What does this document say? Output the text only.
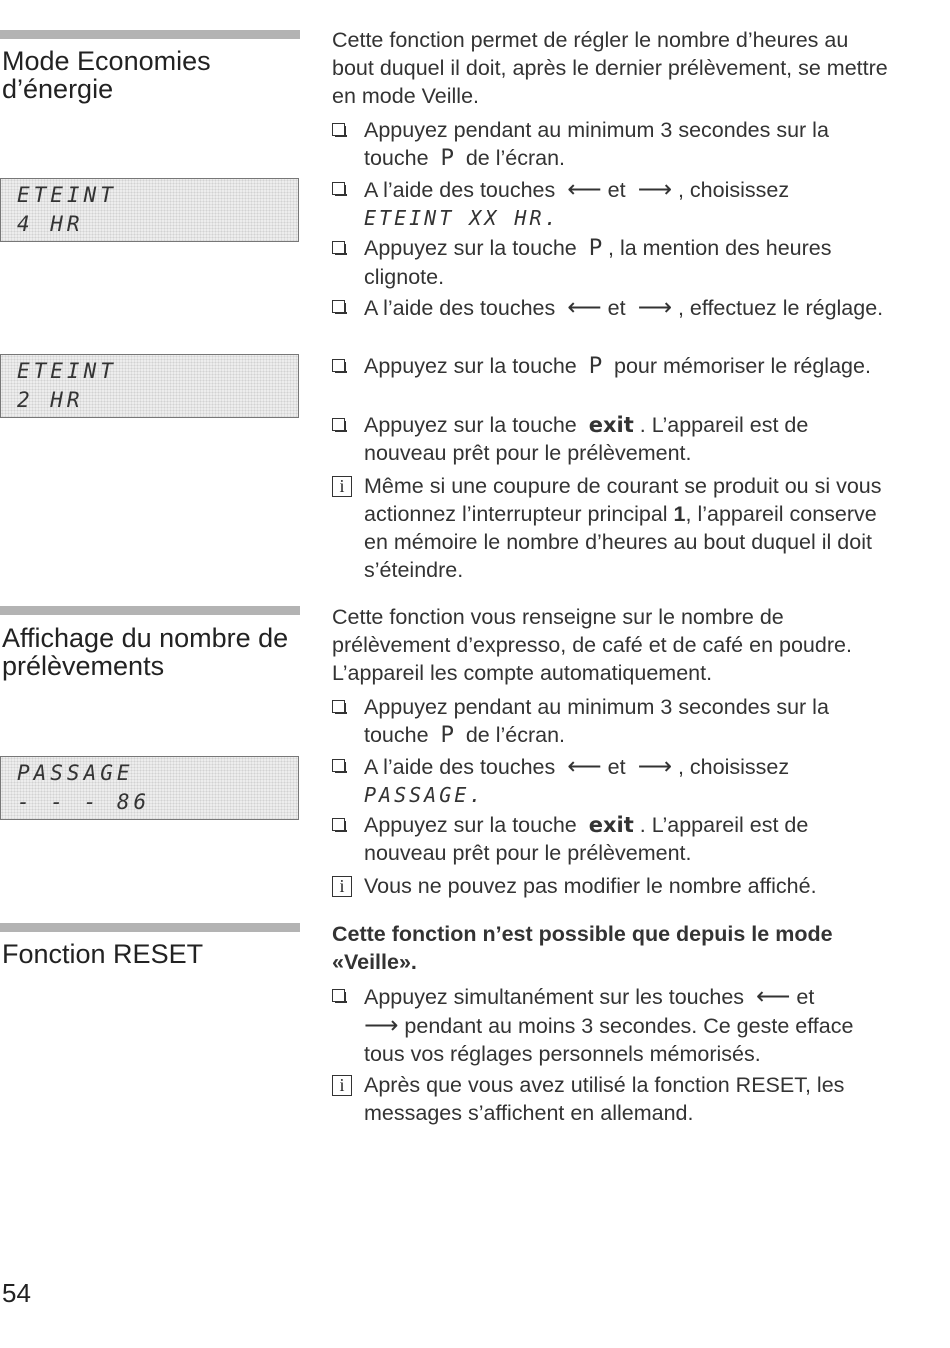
Mode Economies d’énergie
ETEINT
4 HR
ETEINT
2 HR
Cette fonction permet de régler le nombre d’heures au bout duquel il doit, après le dernier prélèvement, se mettre en mode Veille.
Appuyez pendant au minimum 3 secondes sur la touche P de l’écran.
A l’aide des touches ⟵ et ⟶ , choisissez
ETEINT XX HR.
Appuyez sur la touche P , la mention des heures clignote.
A l’aide des touches ⟵ et ⟶ , effectuez le réglage.
Appuyez sur la touche P pour mémoriser le réglage.
Appuyez sur la touche exit . L’appareil est de nouveau prêt pour le prélèvement.
i Même si une coupure de courant se produit ou si vous actionnez l’interrupteur principal 1, l’appareil conserve en mémoire le nombre d’heures au bout duquel il doit s’éteindre.
Affichage du nombre de prélèvements
PASSAGE
- - - 86
Cette fonction vous renseigne sur le nombre de prélèvement d’expresso, de café et de café en poudre. L’appareil les compte automatiquement.
Appuyez pendant au minimum 3 secondes sur la touche P de l’écran.
A l’aide des touches ⟵ et ⟶ , choisissez
PASSAGE.
Appuyez sur la touche exit . L’appareil est de nouveau prêt pour le prélèvement.
i Vous ne pouvez pas modifier le nombre affiché.
Fonction RESET
Cette fonction n’est possible que depuis le mode «Veille».
Appuyez simultanément sur les touches ⟵ et
⟶ pendant au moins 3 secondes. Ce geste efface tous vos réglages personnels mémorisés.
i Après que vous avez utilisé la fonction RESET, les messages s’affichent en allemand.
54
